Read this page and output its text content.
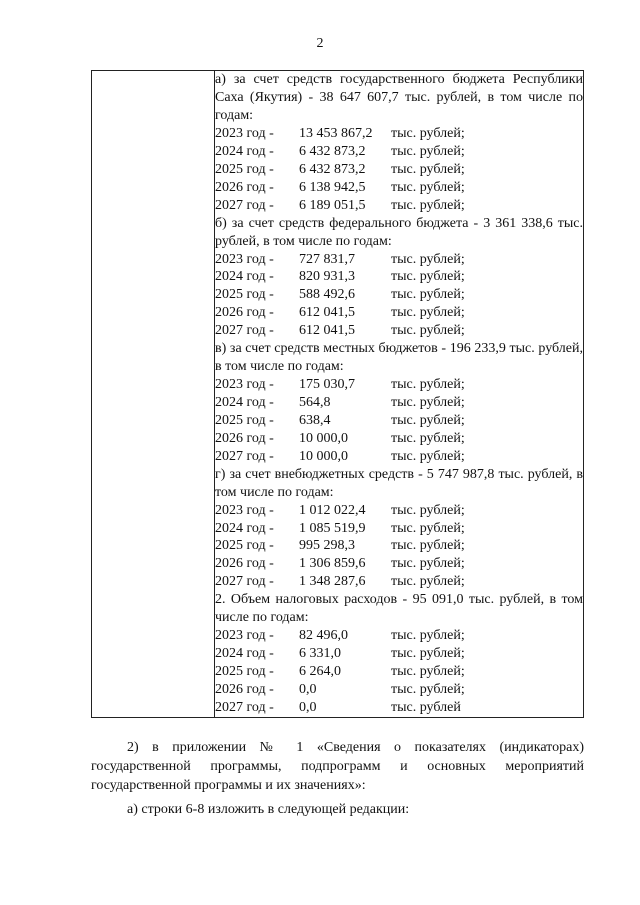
2

а) за счет средств государственного бюджета Республики Саха (Якутия) - 38 647 607,7 тыс. рублей, в том числе по годам:
2023 год -	13 453 867,2	тыс. рублей;
2024 год -	6 432 873,2	тыс. рублей;
2025 год -	6 432 873,2	тыс. рублей;
2026 год -	6 138 942,5	тыс. рублей;
2027 год -	6 189 051,5	тыс. рублей;
б) за счет средств федерального бюджета - 3 361 338,6 тыс. рублей, в том числе по годам:
2023 год -	727 831,7	тыс. рублей;
2024 год -	820 931,3	тыс. рублей;
2025 год -	588 492,6	тыс. рублей;
2026 год -	612 041,5	тыс. рублей;
2027 год -	612 041,5	тыс. рублей;
в) за счет средств местных бюджетов - 196 233,9 тыс. рублей, в том числе по годам:
2023 год -	175 030,7	тыс. рублей;
2024 год -	564,8	тыс. рублей;
2025 год -	638,4	тыс. рублей;
2026 год -	10 000,0	тыс. рублей;
2027 год -	10 000,0	тыс. рублей;
г) за счет внебюджетных средств - 5 747 987,8 тыс. рублей, в том числе по годам:
2023 год -	1 012 022,4	тыс. рублей;
2024 год -	1 085 519,9	тыс. рублей;
2025 год -	995 298,3	тыс. рублей;
2026 год -	1 306 859,6	тыс. рублей;
2027 год -	1 348 287,6	тыс. рублей;
2. Объем налоговых расходов - 95 091,0 тыс. рублей, в том числе по годам:
2023 год -	82 496,0	тыс. рублей;
2024 год -	6 331,0	тыс. рублей;
2025 год -	6 264,0	тыс. рублей;
2026 год -	0,0	тыс. рублей;
2027 год -	0,0	тыс. рублей
2) в приложении № 1 «Сведения о показателях (индикаторах) государственной программы, подпрограмм и основных мероприятий государственной программы и их значениях»:
а) строки 6-8 изложить в следующей редакции:
